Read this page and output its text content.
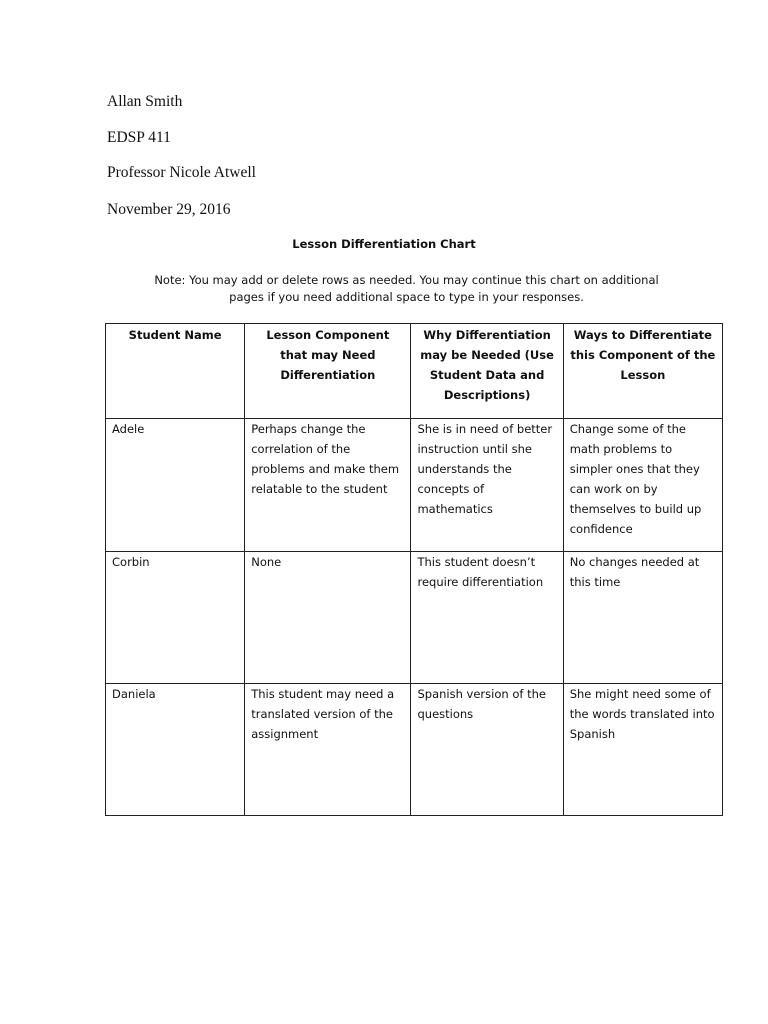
Allan Smith
EDSP 411
Professor Nicole Atwell
November 29, 2016
Lesson Differentiation Chart
Note: You may add or delete rows as needed. You may continue this chart on additional
pages if you need additional space to type in your responses.
Student Name	Lesson Component that may Need Differentiation	Why Differentiation may be Needed (Use Student Data and Descriptions)	Ways to Differentiate this Component of the Lesson
Adele	Perhaps change the correlation of the problems and make them relatable to the student	She is in need of better instruction until she understands the concepts of mathematics	Change some of the math problems to simpler ones that they can work on by themselves to build up confidence
Corbin	None	This student doesn’t require differentiation	No changes needed at this time
Daniela	This student may need a translated version of the assignment	Spanish version of the questions	She might need some of the words translated into Spanish
